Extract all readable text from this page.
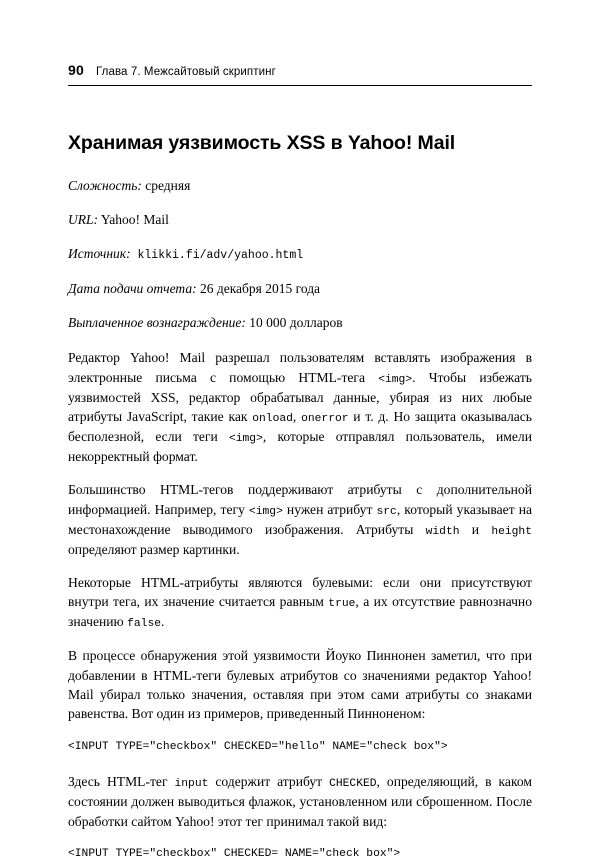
90 Глава 7. Межсайтовый скриптинг
Хранимая уязвимость XSS в Yahoo! Mail

Сложность: средняя

URL: Yahoo! Mail

Источник: klikki.fi/adv/yahoo.html

Дата подачи отчета: 26 декабря 2015 года

Выплаченное вознаграждение: 10 000 долларов

Редактор Yahoo! Mail разрешал пользователям вставлять изображения в электронные письма с помощью HTML-тега <img>. Чтобы избежать уязвимостей XSS, редактор обрабатывал данные, убирая из них любые атрибуты JavaScript, такие как onload, onerror и т. д. Но защита оказывалась бесполезной, если теги <img>, которые отправлял пользователь, имели некорректный формат.

Большинство HTML-тегов поддерживают атрибуты с дополнительной информацией. Например, тегу <img> нужен атрибут src, который указывает на местонахождение выводимого изображения. Атрибуты width и height определяют размер картинки.

Некоторые HTML-атрибуты являются булевыми: если они присутствуют внутри тега, их значение считается равным true, а их отсутствие равнозначно значению false.

В процессе обнаружения этой уязвимости Йоуко Пиннонен заметил, что при добавлении в HTML-теги булевых атрибутов со значениями редактор Yahoo! Mail убирал только значения, оставляя при этом сами атрибуты со знаками равенства. Вот один из примеров, приведенный Пинноненом:

<INPUT TYPE="checkbox" CHECKED="hello" NAME="check box">

Здесь HTML-тег input содержит атрибут CHECKED, определяющий, в каком состоянии должен выводиться флажок, установленном или сброшенном. После обработки сайтом Yahoo! этот тег принимал такой вид:

<INPUT TYPE="checkbox" CHECKED= NAME="check box">
